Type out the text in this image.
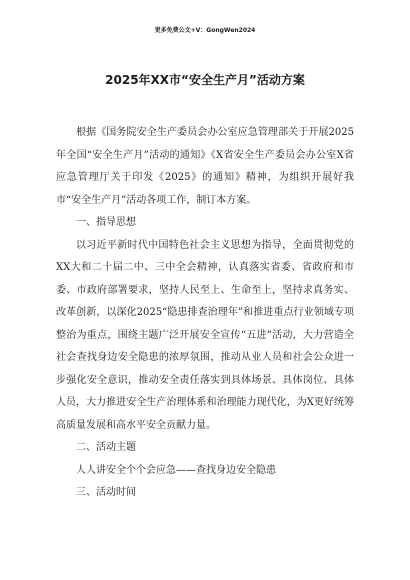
更多免费公文+V：GongWen2024
2025年XX市“安全生产月”活动方案

根据《国务院安全生产委员会办公室应急管理部关于开展2025年全国“安全生产月”活动的通知》《X省安全生产委员会办公室X省应急管理厅关于印发《2025》的通知》精神，为组织开展好我市“安全生产月”活动各项工作，制订本方案。

一、指导思想

以习近平新时代中国特色社会主义思想为指导，全面贯彻党的XX大和二十届二中、三中全会精神，认真落实省委、省政府和市委、市政府部署要求，坚持人民至上、生命至上，坚持求真务实、改革创新，以深化2025“隐患排查治理年”和推进重点行业领域专项整治为重点，围绕主题广泛开展安全宣传“五进”活动，大力营造全社会查找身边安全隐患的浓厚氛围，推动从业人员和社会公众进一步强化安全意识，推动安全责任落实到具体场景、具体岗位、具体人员，大力推进安全生产治理体系和治理能力现代化，为X更好统筹高质量发展和高水平安全贡献力量。

二、活动主题

人人讲安全个个会应急——查找身边安全隐患

三、活动时间
